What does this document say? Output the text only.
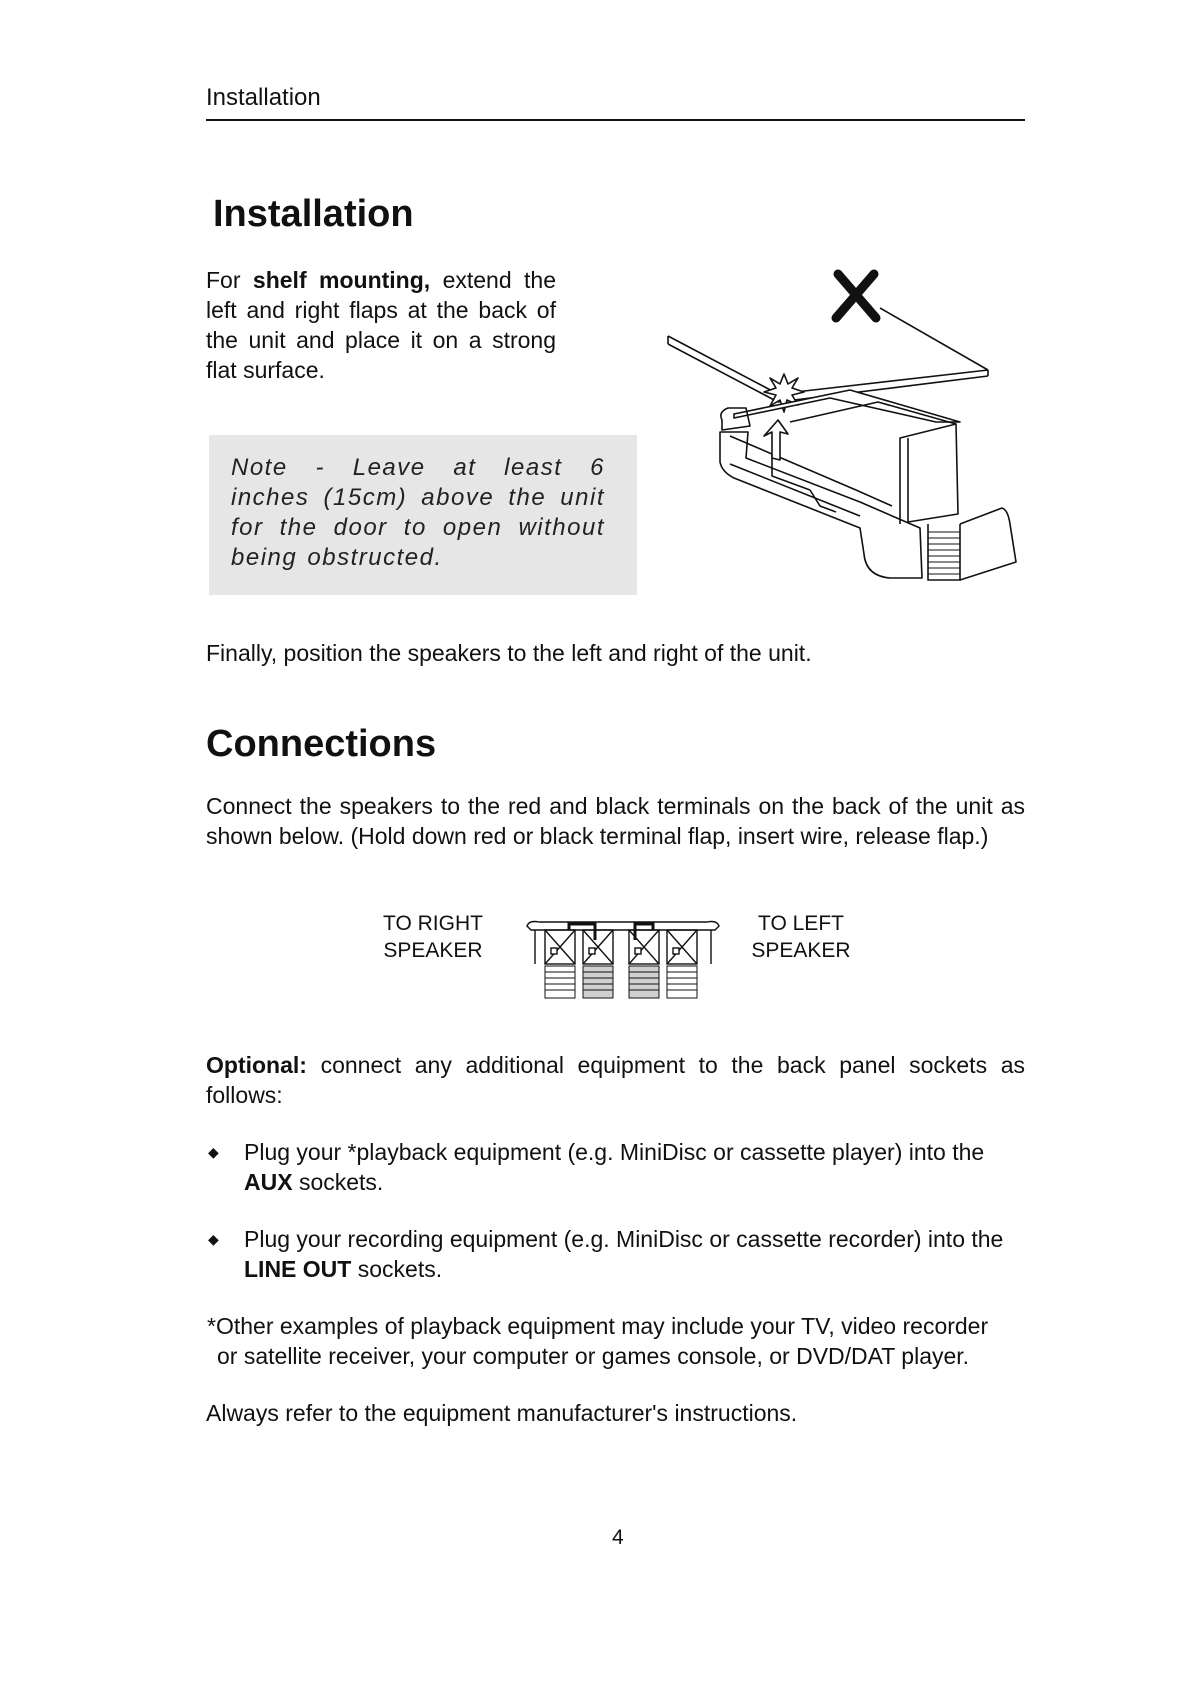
Installation
Installation
For shelf mounting, extend the left and right flaps at the back of the unit and place it on a strong flat surface.
Note - Leave at least 6 inches (15cm) above the unit for the door to open without being obstructed.
Finally, position the speakers to the left and right of the unit.
Connections
Connect the speakers to the red and black terminals on the back of the unit as shown below. (Hold down red or black terminal flap, insert wire, release flap.)
TO RIGHT
SPEAKER
TO LEFT
SPEAKER
Optional: connect any additional equipment to the back panel sockets as follows:
◆ Plug your *playback equipment (e.g. MiniDisc or cassette player) into the AUX sockets.
◆ Plug your recording equipment (e.g. MiniDisc or cassette recorder) into the LINE OUT sockets.
*Other examples of playback equipment may include your TV, video recorder
or satellite receiver, your computer or games console, or DVD/DAT player.
Always refer to the equipment manufacturer's instructions.
4
